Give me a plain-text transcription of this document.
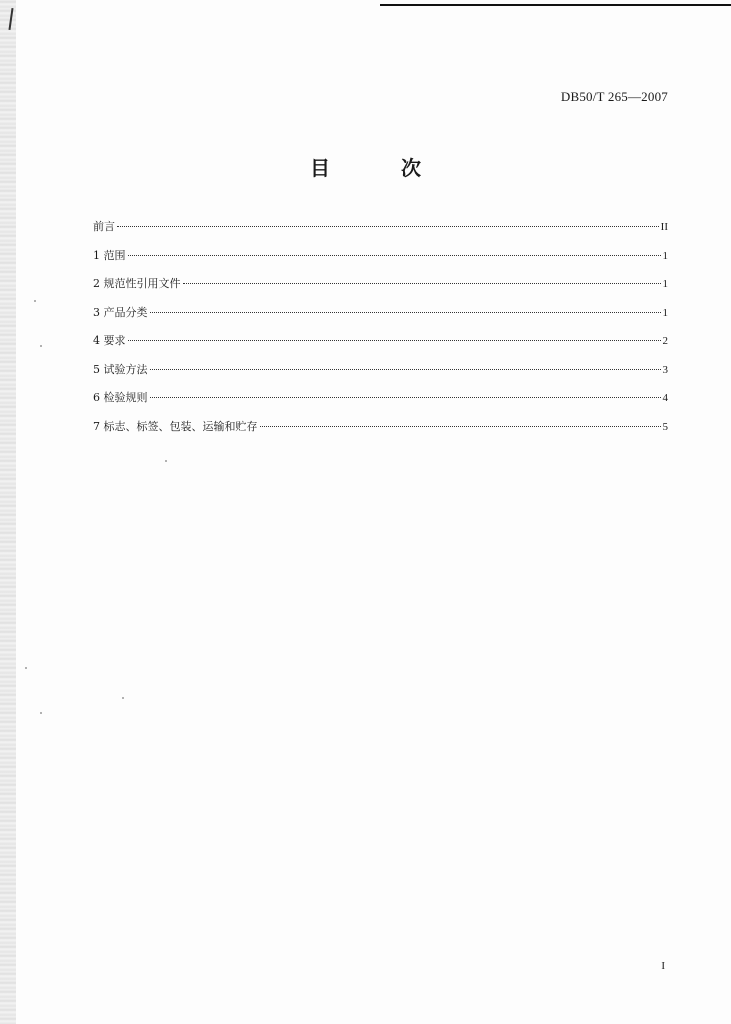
DB50/T 265—2007
目 次
前言	II
1 范围	1
2 规范性引用文件	1
3 产品分类	1
4 要求	2
5 试验方法	3
6 检验规则	4
7 标志、标签、包装、运输和贮存	5
I
